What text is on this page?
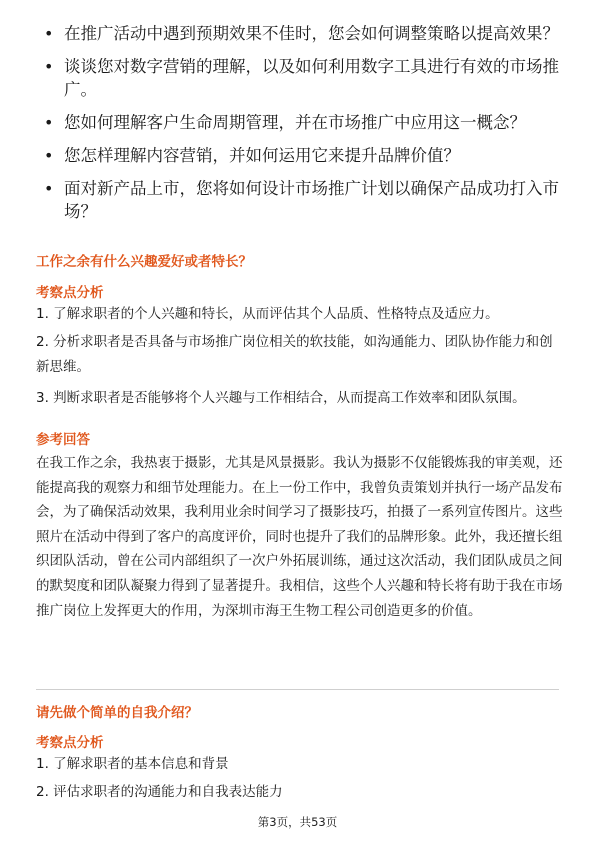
• 在推广活动中遇到预期效果不佳时，您会如何调整策略以提高效果？
• 谈谈您对数字营销的理解，以及如何利用数字工具进行有效的市场推广。
• 您如何理解客户生命周期管理，并在市场推广中应用这一概念？
• 您怎样理解内容营销，并如何运用它来提升品牌价值？
• 面对新产品上市，您将如何设计市场推广计划以确保产品成功打入市场？
工作之余有什么兴趣爱好或者特长？
考察点分析

1. 了解求职者的个人兴趣和特长，从而评估其个人品质、性格特点及适应力。

2. 分析求职者是否具备与市场推广岗位相关的软技能，如沟通能力、团队协作能力和创新思维。

3. 判断求职者是否能够将个人兴趣与工作相结合，从而提高工作效率和团队氛围。

参考回答

在我工作之余，我热衷于摄影，尤其是风景摄影。我认为摄影不仅能锻炼我的审美观，还能提高我的观察力和细节处理能力。在上一份工作中，我曾负责策划并执行一场产品发布会，为了确保活动效果，我利用业余时间学习了摄影技巧，拍摄了一系列宣传图片。这些照片在活动中得到了客户的高度评价，同时也提升了我们的品牌形象。此外，我还擅长组织团队活动，曾在公司内部组织了一次户外拓展训练，通过这次活动，我们团队成员之间的默契度和团队凝聚力得到了显著提升。我相信，这些个人兴趣和特长将有助于我在市场推广岗位上发挥更大的作用，为深圳市海王生物工程公司创造更多的价值。

请先做个简单的自我介绍？
考察点分析

1. 了解求职者的基本信息和背景

2. 评估求职者的沟通能力和自我表达能力

第3页，共53页
